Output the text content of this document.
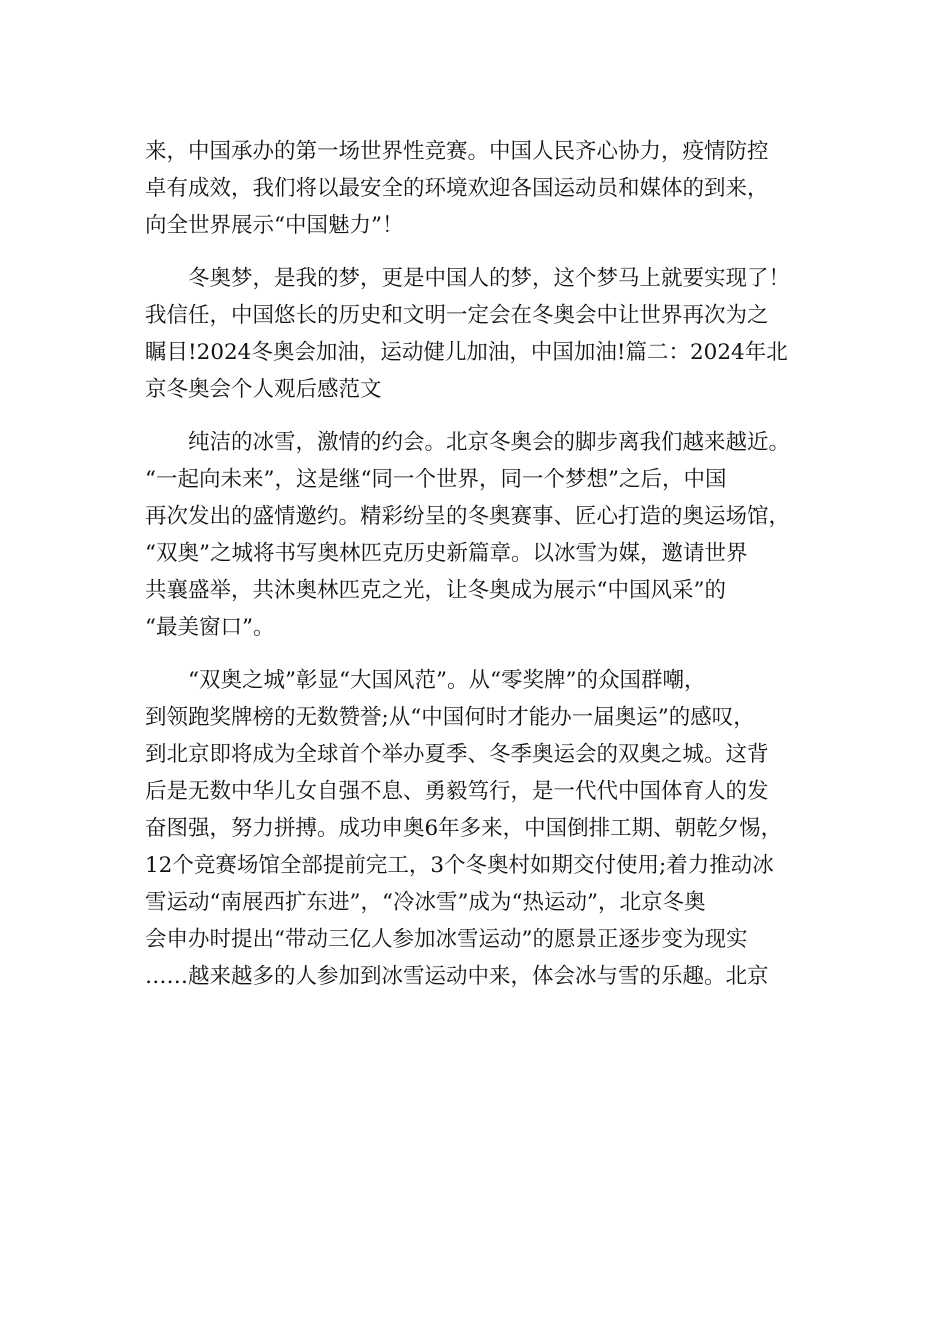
来，中国承办的第一场世界性竞赛。中国人民齐心协力，疫情防控
卓有成效，我们将以最安全的环境欢迎各国运动员和媒体的到来，
向全世界展示“中国魅力”！
冬奥梦，是我的梦，更是中国人的梦，这个梦马上就要实现了！
我信任，中国悠长的历史和文明一定会在冬奥会中让世界再次为之
瞩目!2024冬奥会加油，运动健儿加油，中国加油!篇二：2024年北
京冬奥会个人观后感范文
纯洁的冰雪，激情的约会。北京冬奥会的脚步离我们越来越近。
“一起向未来”，这是继“同一个世界，同一个梦想”之后，中国
再次发出的盛情邀约。精彩纷呈的冬奥赛事、匠心打造的奥运场馆，
“双奥”之城将书写奥林匹克历史新篇章。以冰雪为媒，邀请世界
共襄盛举，共沐奥林匹克之光，让冬奥成为展示“中国风采”的
“最美窗口”。
“双奥之城”彰显“大国风范”。从“零奖牌”的众国群嘲，
到领跑奖牌榜的无数赞誉;从“中国何时才能办一届奥运”的感叹，
到北京即将成为全球首个举办夏季、冬季奥运会的双奥之城。这背
后是无数中华儿女自强不息、勇毅笃行，是一代代中国体育人的发
奋图强，努力拼搏。成功申奥6年多来，中国倒排工期、朝乾夕惕，
12个竞赛场馆全部提前完工，3个冬奥村如期交付使用;着力推动冰
雪运动“南展西扩东进”，“冷冰雪”成为“热运动”，北京冬奥
会申办时提出“带动三亿人参加冰雪运动”的愿景正逐步变为现实
……越来越多的人参加到冰雪运动中来，体会冰与雪的乐趣。北京
